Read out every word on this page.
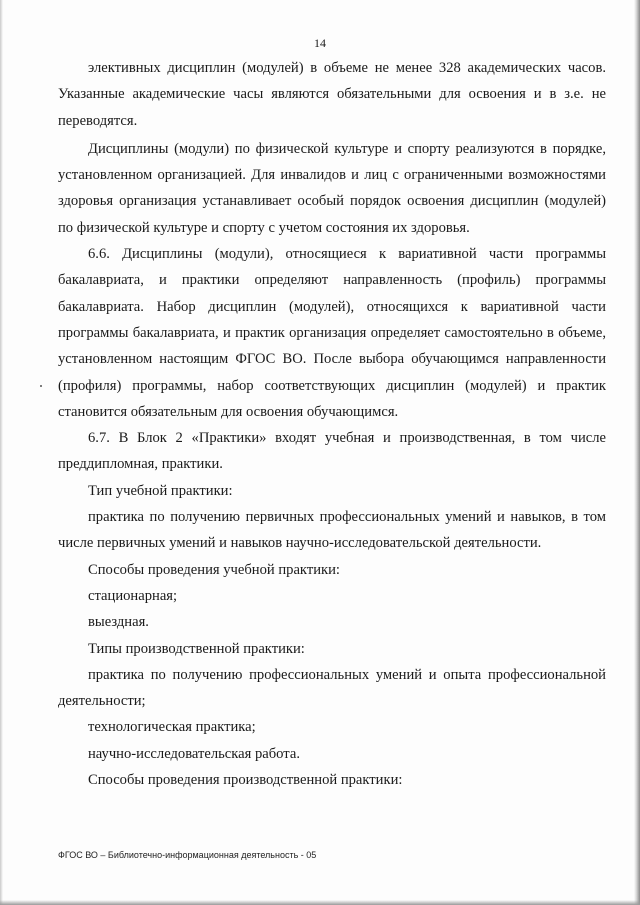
14

элективных дисциплин (модулей) в объеме не менее 328 академических часов. Указанные академические часы являются обязательными для освоения и в з.е. не переводятся.

Дисциплины (модули) по физической культуре и спорту реализуются в порядке, установленном организацией. Для инвалидов и лиц с ограниченными возможностями здоровья организация устанавливает особый порядок освоения дисциплин (модулей) по физической культуре и спорту с учетом состояния их здоровья.

6.6. Дисциплины (модули), относящиеся к вариативной части программы бакалавриата, и практики определяют направленность (профиль) программы бакалавриата. Набор дисциплин (модулей), относящихся к вариативной части программы бакалавриата, и практик организация определяет самостоятельно в объеме, установленном настоящим ФГОС ВО. После выбора обучающимся направленности (профиля) программы, набор соответствующих дисциплин (модулей) и практик становится обязательным для освоения обучающимся.

6.7. В Блок 2 «Практики» входят учебная и производственная, в том числе преддипломная, практики.

Тип учебной практики:

практика по получению первичных профессиональных умений и навыков, в том числе первичных умений и навыков научно-исследовательской деятельности.

Способы проведения учебной практики:

стационарная;

выездная.

Типы производственной практики:

практика по получению профессиональных умений и опыта профессиональной деятельности;

технологическая практика;

научно-исследовательская работа.

Способы проведения производственной практики:

ФГОС ВО – Библиотечно-информационная деятельность - 05
